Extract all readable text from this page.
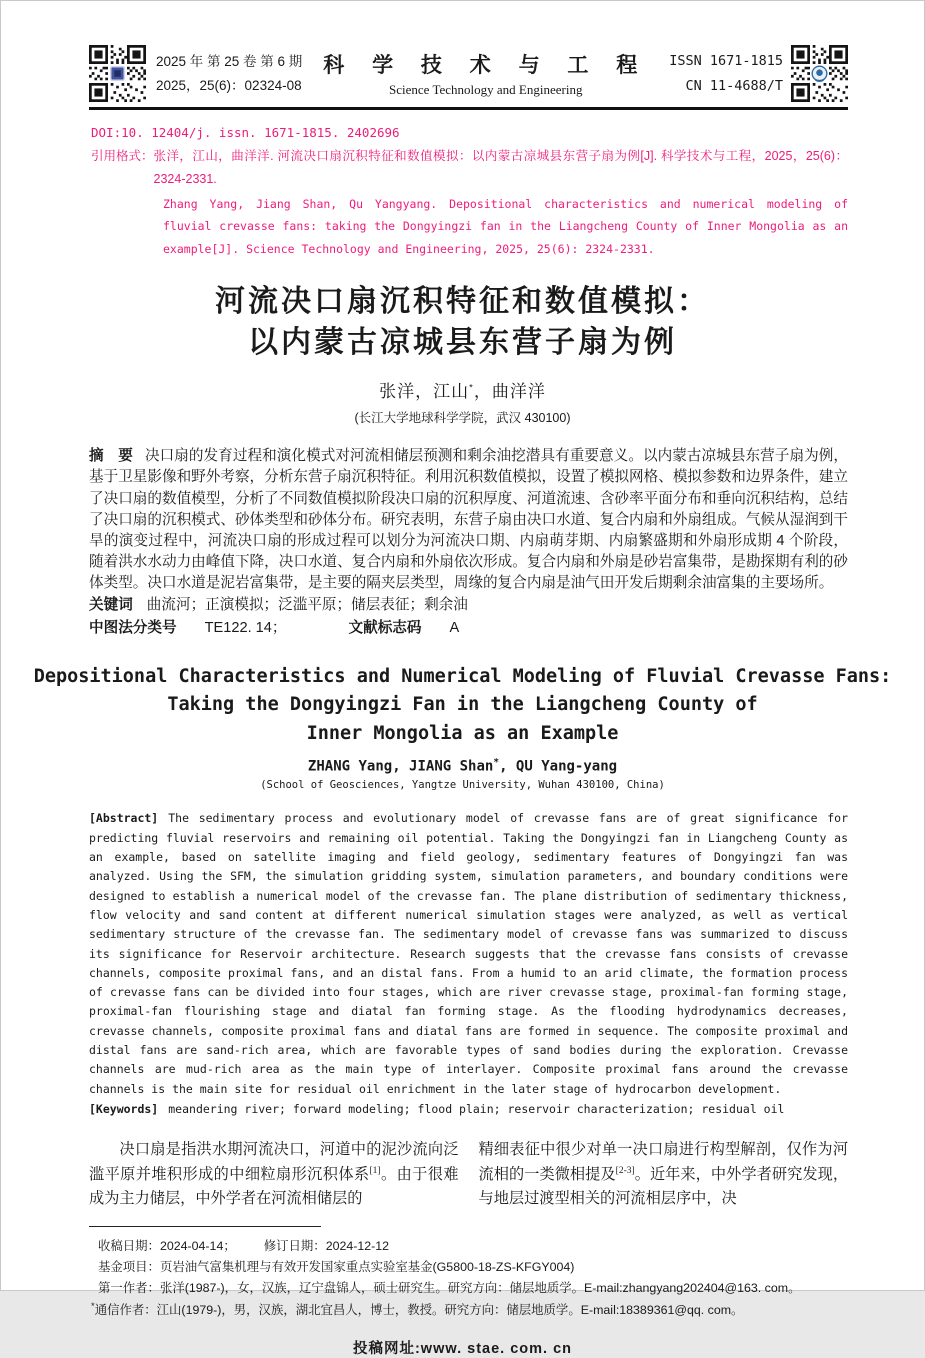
2025 年 第 25 卷 第 6 期
2025，25(6)：02324-08
科 学 技 术 与 工 程
Science Technology and Engineering
ISSN 1671-1815
CN 11-4688/T
DOI:10. 12404/j. issn. 1671-1815. 2402696
引用格式： 张洋，江山，曲洋洋. 河流决口扇沉积特征和数值模拟：以内蒙古凉城县东营子扇为例[J]. 科学技术与工程，2025，25(6)：2324-2331.
Zhang Yang, Jiang Shan, Qu Yangyang. Depositional characteristics and numerical modeling of fluvial crevasse fans: taking the Dongyingzi fan in the Liangcheng County of Inner Mongolia as an example[J]. Science Technology and Engineering, 2025, 25(6): 2324-2331.
河流决口扇沉积特征和数值模拟：
以内蒙古凉城县东营子扇为例
张洋，江山*，曲洋洋
(长江大学地球科学学院，武汉 430100)
摘　要 决口扇的发育过程和演化模式对河流相储层预测和剩余油挖潜具有重要意义。以内蒙古凉城县东营子扇为例，基于卫星影像和野外考察，分析东营子扇沉积特征。利用沉积数值模拟，设置了模拟网格、模拟参数和边界条件，建立了决口扇的数值模型，分析了不同数值模拟阶段决口扇的沉积厚度、河道流速、含砂率平面分布和垂向沉积结构，总结了决口扇的沉积模式、砂体类型和砂体分布。研究表明，东营子扇由决口水道、复合内扇和外扇组成。气候从湿润到干旱的演变过程中，河流决口扇的形成过程可以划分为河流决口期、内扇萌芽期、内扇繁盛期和外扇形成期 4 个阶段，随着洪水水动力由峰值下降，决口水道、复合内扇和外扇依次形成。复合内扇和外扇是砂岩富集带，是勘探期有利的砂体类型。决口水道是泥岩富集带，是主要的隔夹层类型，周缘的复合内扇是油气田开发后期剩余油富集的主要场所。
关键词 曲流河；正演模拟；泛滥平原；储层表征；剩余油
中图法分类号 TE122. 14；	文献标志码 A
Depositional Characteristics and Numerical Modeling of Fluvial Crevasse Fans:
Taking the Dongyingzi Fan in the Liangcheng County of
Inner Mongolia as an Example
ZHANG Yang, JIANG Shan*, QU Yang-yang
(School of Geosciences, Yangtze University, Wuhan 430100, China)
[Abstract] The sedimentary process and evolutionary model of crevasse fans are of great significance for predicting fluvial reservoirs and remaining oil potential. Taking the Dongyingzi fan in Liangcheng County as an example, based on satellite imaging and field geology, sedimentary features of Dongyingzi fan was analyzed. Using the SFM, the simulation gridding system, simulation parameters, and boundary conditions were designed to establish a numerical model of the crevasse fan. The plane distribution of sedimentary thickness, flow velocity and sand content at different numerical simulation stages were analyzed, as well as vertical sedimentary structure of the crevasse fan. The sedimentary model of crevasse fans was summarized to discuss its significance for Reservoir architecture. Research suggests that the crevasse fans consists of crevasse channels, composite proximal fans, and an distal fans. From a humid to an arid climate, the formation process of crevasse fans can be divided into four stages, which are river crevasse stage, proximal-fan forming stage, proximal-fan flourishing stage and diatal fan forming stage. As the flooding hydrodynamics decreases, crevasse channels, composite proximal fans and diatal fans are formed in sequence. The composite proximal and distal fans are sand-rich area, which are favorable types of sand bodies during the exploration. Crevasse channels are mud-rich area as the main type of interlayer. Composite proximal fans around the crevasse channels is the main site for residual oil enrichment in the later stage of hydrocarbon development.
[Keywords] meandering river; forward modeling; flood plain; reservoir characterization; residual oil
决口扇是指洪水期河流决口，河道中的泥沙流向泛滥平原并堆积形成的中细粒扇形沉积体系[1]。由于很难成为主力储层，中外学者在河流相储层的
精细表征中很少对单一决口扇进行构型解剖，仅作为河流相的一类微相提及[2-3]。近年来，中外学者研究发现，与地层过渡型相关的河流相层序中，决
收稿日期：2024-04-14； 修订日期：2024-12-12
基金项目：页岩油气富集机理与有效开发国家重点实验室基金(G5800-18-ZS-KFGY004)
第一作者：张洋(1987-)，女，汉族，辽宁盘锦人，硕士研究生。研究方向：储层地质学。E-mail:zhangyang202404@163. com。
*通信作者：江山(1979-)，男，汉族，湖北宜昌人，博士，教授。研究方向：储层地质学。E-mail:18389361@qq. com。
投稿网址:www. stae. com. cn
